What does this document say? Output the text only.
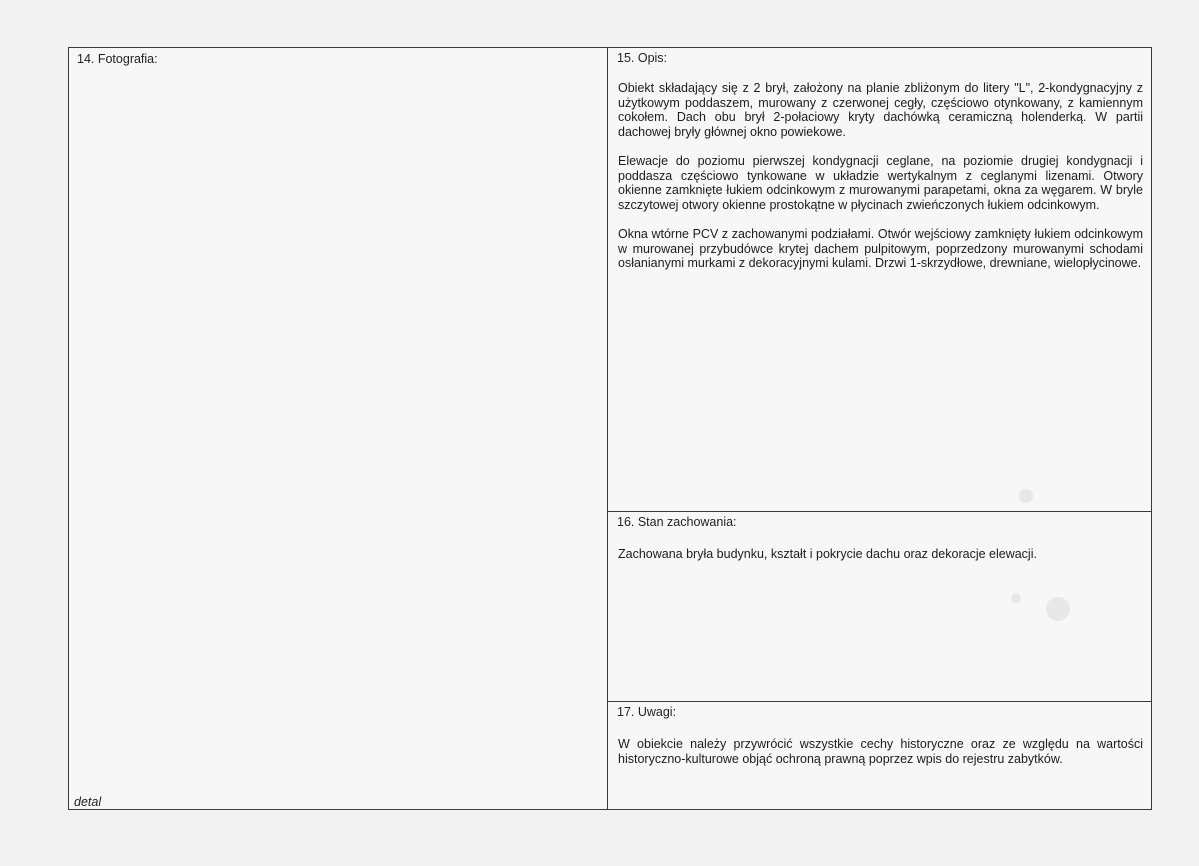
14. Fotografia:
detal
15. Opis:

Obiekt składający się z 2 brył, założony na planie zbliżonym do litery "L", 2-kondygnacyjny z użytkowym poddaszem, murowany z czerwonej cegły, częściowo otynkowany, z kamiennym cokołem. Dach obu brył 2-połaciowy kryty dachówką ceramiczną holenderką. W partii dachowej bryły głównej okno powiekowe.

Elewacje do poziomu pierwszej kondygnacji ceglane, na poziomie drugiej kondygnacji i poddasza częściowo tynkowane w układzie wertykalnym z ceglanymi lizenami. Otwory okienne zamknięte łukiem odcinkowym z murowanymi parapetami, okna za węgarem. W bryle szczytowej otwory okienne prostokątne w płycinach zwieńczonych łukiem odcinkowym.

Okna wtórne PCV z zachowanymi podziałami. Otwór wejściowy zamknięty łukiem odcinkowym w murowanej przybudówce krytej dachem pulpitowym, poprzedzony murowanymi schodami osłanianymi murkami z dekoracyjnymi kulami. Drzwi 1-skrzydłowe, drewniane, wielopłycinowe.

16. Stan zachowania:
Zachowana bryła budynku, kształt i pokrycie dachu oraz dekoracje elewacji.
17. Uwagi:
W obiekcie należy przywrócić wszystkie cechy historyczne oraz ze względu na wartości historyczno-kulturowe objąć ochroną prawną poprzez wpis do rejestru zabytków.
